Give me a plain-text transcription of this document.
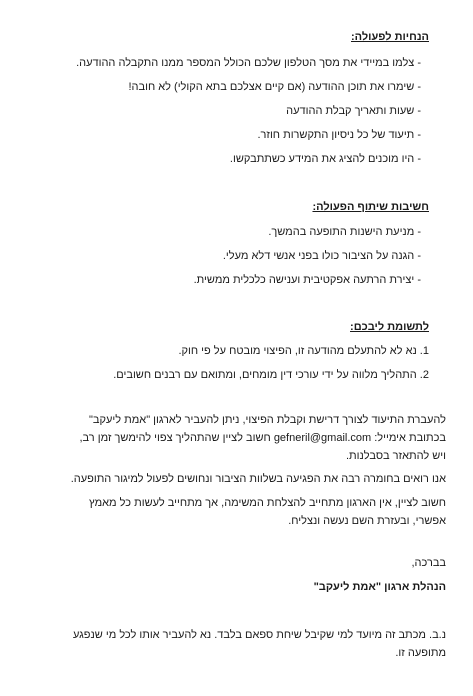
הנחיות לפעולה:
- צלמו במיידי את מסך הטלפון שלכם הכולל המספר ממנו התקבלה ההודעה.
- שימרו את תוכן ההודעה (אם קיים אצלכם בתא הקולי) לא חובה!
- שעות ותאריך קבלת ההודעה
- תיעוד של כל ניסיון התקשרות חוזר.
- היו מוכנים להציג את המידע כשתתבקשו.
חשיבות שיתוף הפעולה:
- מניעת הישנות התופעה בהמשך.
- הגנה על הציבור כולו בפני אנשי דלא מעלי.
- יצירת הרתעה אפקטיבית וענישה כלכלית ממשית.
לתשומת ליבכם:
1. נא לא להתעלם מהודעה זו, הפיצוי מובטח על פי חוק.
2. התהליך מלווה על ידי עורכי דין מומחים, ומתואם עם רבנים חשובים.
להעברת התיעוד לצורך דרישת וקבלת הפיצוי, ניתן להעביר לארגון "אמת ליעקב"
בכתובת אימייל: gefneril@gmail.com חשוב לציין שהתהליך צפוי להימשך זמן רב,
ויש להתאזר בסבלנות.
אנו רואים בחומרה רבה את הפגיעה בשלוות הציבור ונחושים לפעול למיגור התופעה.
חשוב לציין, אין הארגון מתחייב להצלחת המשימה, אך מתחייב לעשות כל מאמץ
אפשרי, ובעזרת השם נעשה ונצליח.
בברכה,
הנהלת ארגון "אמת ליעקב"
נ.ב. מכתב זה מיועד למי שקיבל שיחת ספאם בלבד. נא להעביר אותו לכל מי שנפגע
מתופעה זו.
